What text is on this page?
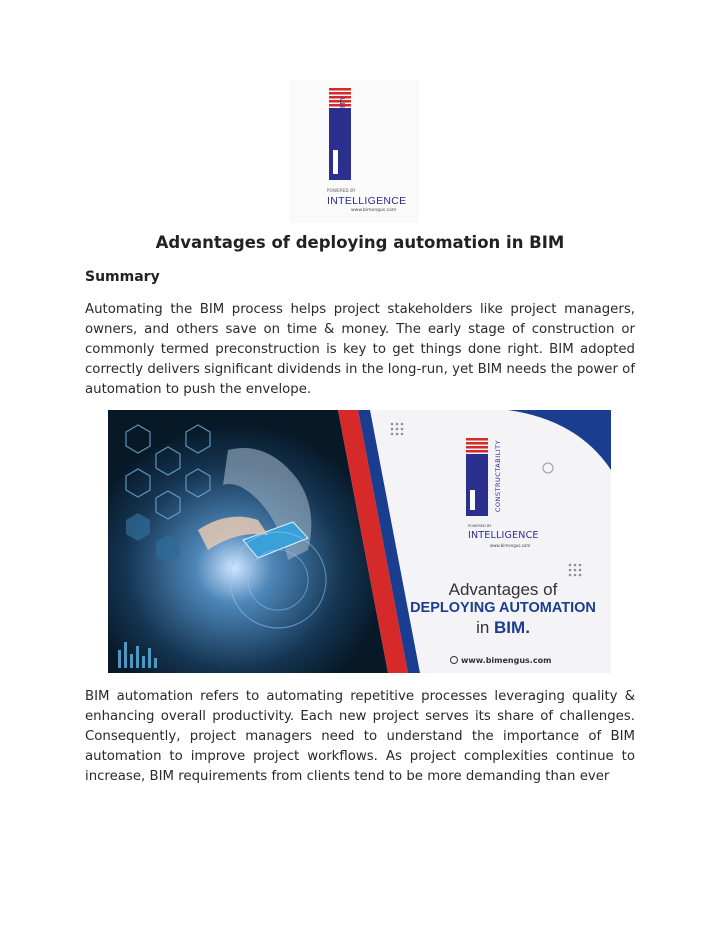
CONSTRUCTABILITY
POWERED BY
INTELLIGENCE
www.bimengus.com
Advantages of deploying automation in BIM

Summary

Automating the BIM process helps project stakeholders like project managers, owners, and others save on time & money. The early stage of construction or commonly termed preconstruction is key to get things done right. BIM adopted correctly delivers significant dividends in the long-run, yet BIM needs the power of automation to push the envelope.

CONSTRUCTABILITY
POWERED BY
INTELLIGENCE
www.bimengus.com
Advantages of
DEPLOYING AUTOMATION
in BIM.
www.bimengus.com

BIM automation refers to automating repetitive processes leveraging quality & enhancing overall productivity. Each new project serves its share of challenges. Consequently, project managers need to understand the importance of BIM automation to improve project workflows. As project complexities continue to increase, BIM requirements from clients tend to be more demanding than ever
